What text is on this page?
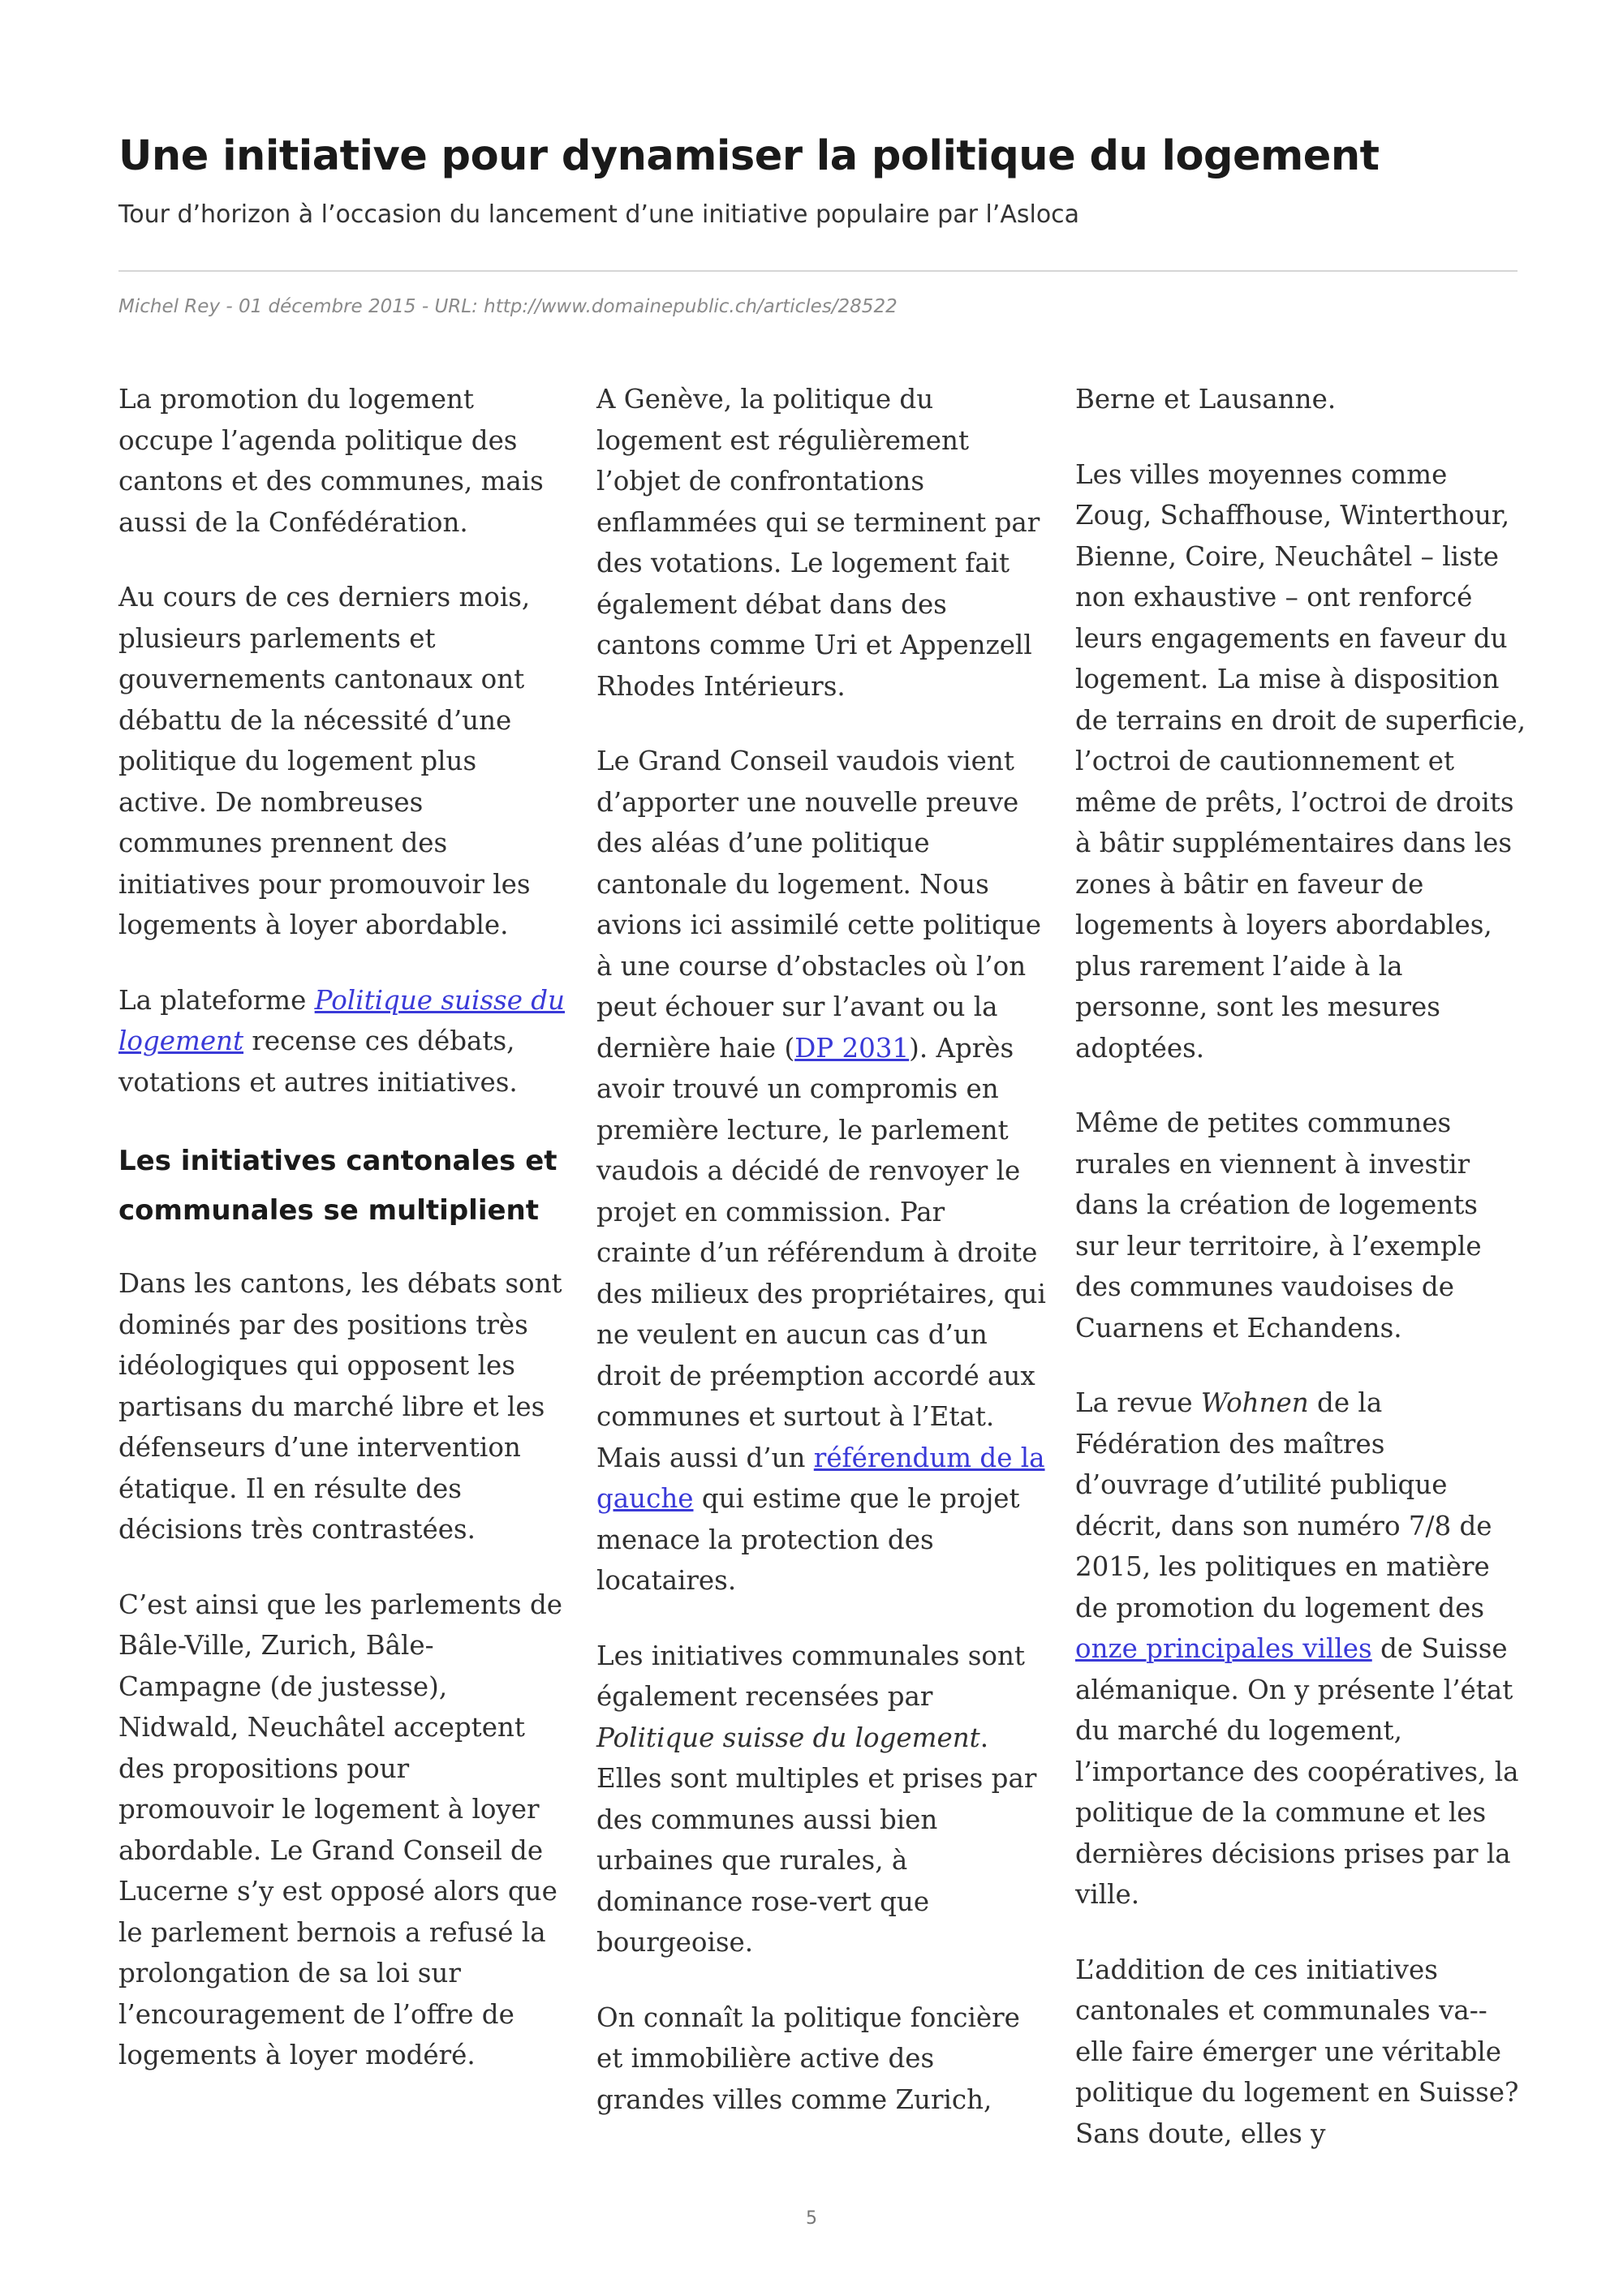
Une initiative pour dynamiser la politique du logement
Tour d’horizon à l’occasion du lancement d’une initiative populaire par l’Asloca
Michel Rey - 01 décembre 2015 - URL: http://www.domainepublic.ch/articles/28522

La promotion du logement occupe l’agenda politique des cantons et des communes, mais aussi de la Confédération.

Au cours de ces derniers mois, plusieurs parlements et gouvernements cantonaux ont débattu de la nécessité d’une politique du logement plus active. De nombreuses communes prennent des initiatives pour promouvoir les logements à loyer abordable.

La plateforme Politique suisse du logement recense ces débats, votations et autres initiatives.

Les initiatives cantonales et communales se multiplient

Dans les cantons, les débats sont dominés par des positions très idéologiques qui opposent les partisans du marché libre et les défenseurs d’une intervention étatique. Il en résulte des décisions très contrastées.

C’est ainsi que les parlements de Bâle-Ville, Zurich, Bâle-Campagne (de justesse), Nidwald, Neuchâtel acceptent des propositions pour promouvoir le logement à loyer abordable. Le Grand Conseil de Lucerne s’y est opposé alors que le parlement bernois a refusé la prolongation de sa loi sur l’encouragement de l’offre de logements à loyer modéré.

A Genève, la politique du logement est régulièrement l’objet de confrontations enflammées qui se terminent par des votations. Le logement fait également débat dans des cantons comme Uri et Appenzell Rhodes Intérieurs.

Le Grand Conseil vaudois vient d’apporter une nouvelle preuve des aléas d’une politique cantonale du logement. Nous avions ici assimilé cette politique à une course d’obstacles où l’on peut échouer sur l’avant ou la dernière haie (DP 2031). Après avoir trouvé un compromis en première lecture, le parlement vaudois a décidé de renvoyer le projet en commission. Par crainte d’un référendum à droite des milieux des propriétaires, qui ne veulent en aucun cas d’un droit de préemption accordé aux communes et surtout à l’Etat. Mais aussi d’un référendum de la gauche qui estime que le projet menace la protection des locataires.

Les initiatives communales sont également recensées par Politique suisse du logement. Elles sont multiples et prises par des communes aussi bien urbaines que rurales, à dominance rose-vert que bourgeoise.

On connaît la politique foncière et immobilière active des grandes villes comme Zurich,

Berne et Lausanne.

Les villes moyennes comme Zoug, Schaffhouse, Winterthour, Bienne, Coire, Neuchâtel – liste non exhaustive – ont renforcé leurs engagements en faveur du logement. La mise à disposition de terrains en droit de superficie, l’octroi de cautionnement et même de prêts, l’octroi de droits à bâtir supplémentaires dans les zones à bâtir en faveur de logements à loyers abordables, plus rarement l’aide à la personne, sont les mesures adoptées.

Même de petites communes rurales en viennent à investir dans la création de logements sur leur territoire, à l’exemple des communes vaudoises de Cuarnens et Echandens.

La revue Wohnen de la Fédération des maîtres d’ouvrage d’utilité publique décrit, dans son numéro 7/8 de 2015, les politiques en matière de promotion du logement des onze principales villes de Suisse alémanique. On y présente l’état du marché du logement, l’importance des coopératives, la politique de la commune et les dernières décisions prises par la ville.

L’addition de ces initiatives cantonales et communales va--elle faire émerger une véritable politique du logement en Suisse? Sans doute, elles y

5
